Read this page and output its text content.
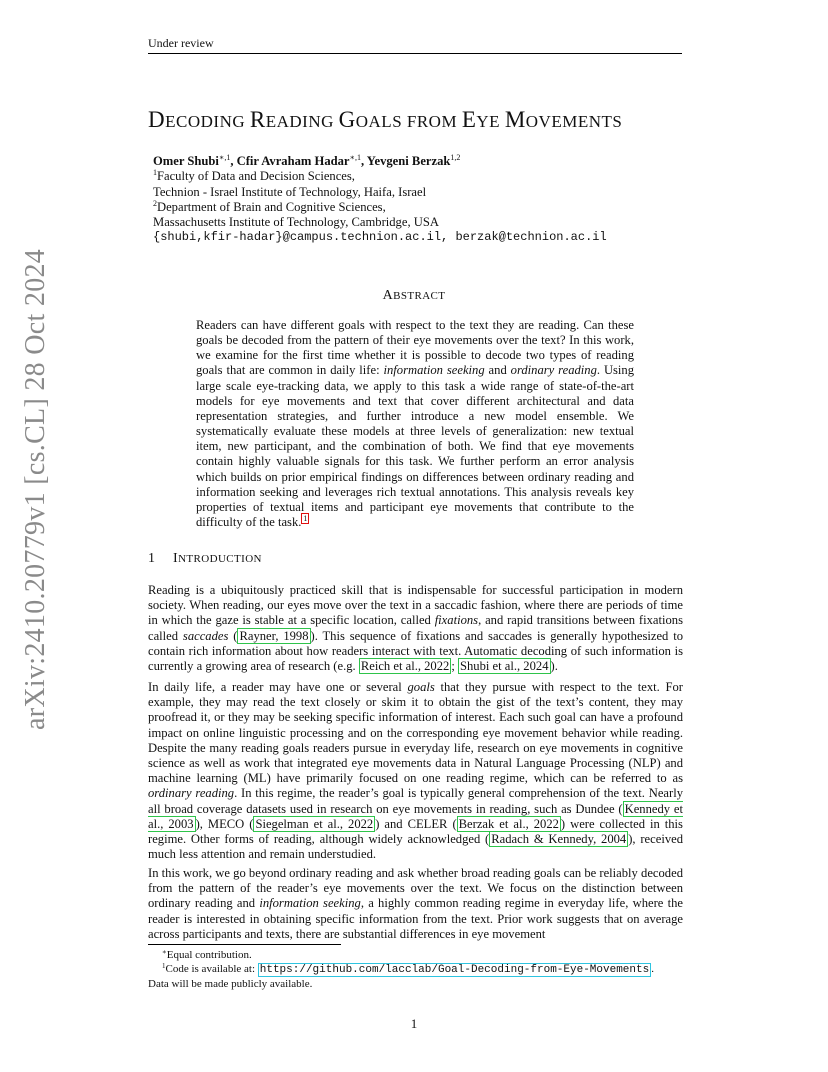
Under review
arXiv:2410.20779v1 [cs.CL] 28 Oct 2024
DECODING READING GOALS FROM EYE MOVEMENTS
Omer Shubi$^{∗,1}$, Cfir Avraham Hadar$^{∗,1}$, Yevgeni Berzak$^{1,2}$
$^1$Faculty of Data and Decision Sciences,
Technion - Israel Institute of Technology, Haifa, Israel
$^2$Department of Brain and Cognitive Sciences,
Massachusetts Institute of Technology, Cambridge, USA
{shubi,kfir-hadar}@campus.technion.ac.il, berzak@technion.ac.il
ABSTRACT
Readers can have different goals with respect to the text they are reading. Can these goals be decoded from the pattern of their eye movements over the text? In this work, we examine for the first time whether it is possible to decode two types of reading goals that are common in daily life: information seeking and ordinary reading. Using large scale eye-tracking data, we apply to this task a wide range of state-of-the-art models for eye movements and text that cover different architectural and data representation strategies, and further introduce a new model ensemble. We systematically evaluate these models at three levels of generalization: new textual item, new participant, and the combination of both. We find that eye movements contain highly valuable signals for this task. We further perform an error analysis which builds on prior empirical findings on differences between ordinary reading and information seeking and leverages rich textual annotations. This analysis reveals key properties of textual items and participant eye movements that contribute to the difficulty of the task. $^1$
1 INTRODUCTION
Reading is a ubiquitously practiced skill that is indispensable for successful participation in modern society. When reading, our eyes move over the text in a saccadic fashion, where there are periods of time in which the gaze is stable at a specific location, called fixations, and rapid transitions between fixations called saccades ( Rayner, 1998 ). This sequence of fixations and saccades is generally hypothesized to contain rich information about how readers interact with text. Automatic decoding of such information is currently a growing area of research (e.g. Reich et al., 2022 ; Shubi et al., 2024 ).
In daily life, a reader may have one or several goals that they pursue with respect to the text. For example, they may read the text closely or skim it to obtain the gist of the text’s content, they may proofread it, or they may be seeking specific information of interest. Each such goal can have a profound impact on online linguistic processing and on the corresponding eye movement behavior while reading. Despite the many reading goals readers pursue in everyday life, research on eye movements in cognitive science as well as work that integrated eye movements data in Natural Language Processing (NLP) and machine learning (ML) have primarily focused on one reading regime, which can be referred to as ordinary reading. In this regime, the reader’s goal is typically general comprehension of the text. Nearly all broad coverage datasets used in research on eye movements in reading, such as Dundee ( Kennedy et al., 2003 ), MECO ( Siegelman et al., 2022 ) and CELER ( Berzak et al., 2022 ) were collected in this regime. Other forms of reading, although widely acknowledged ( Radach & Kennedy, 2004 ), received much less attention and remain understudied.
In this work, we go beyond ordinary reading and ask whether broad reading goals can be reliably decoded from the pattern of the reader’s eye movements over the text. We focus on the distinction between ordinary reading and information seeking, a highly common reading regime in everyday life, where the reader is interested in obtaining specific information from the text. Prior work suggests that on average across participants and texts, there are substantial differences in eye movement
∗Equal contribution.
$^1$Code is available at: https://github.com/lacclab/Goal-Decoding-from-Eye-Movements .
Data will be made publicly available.
1
